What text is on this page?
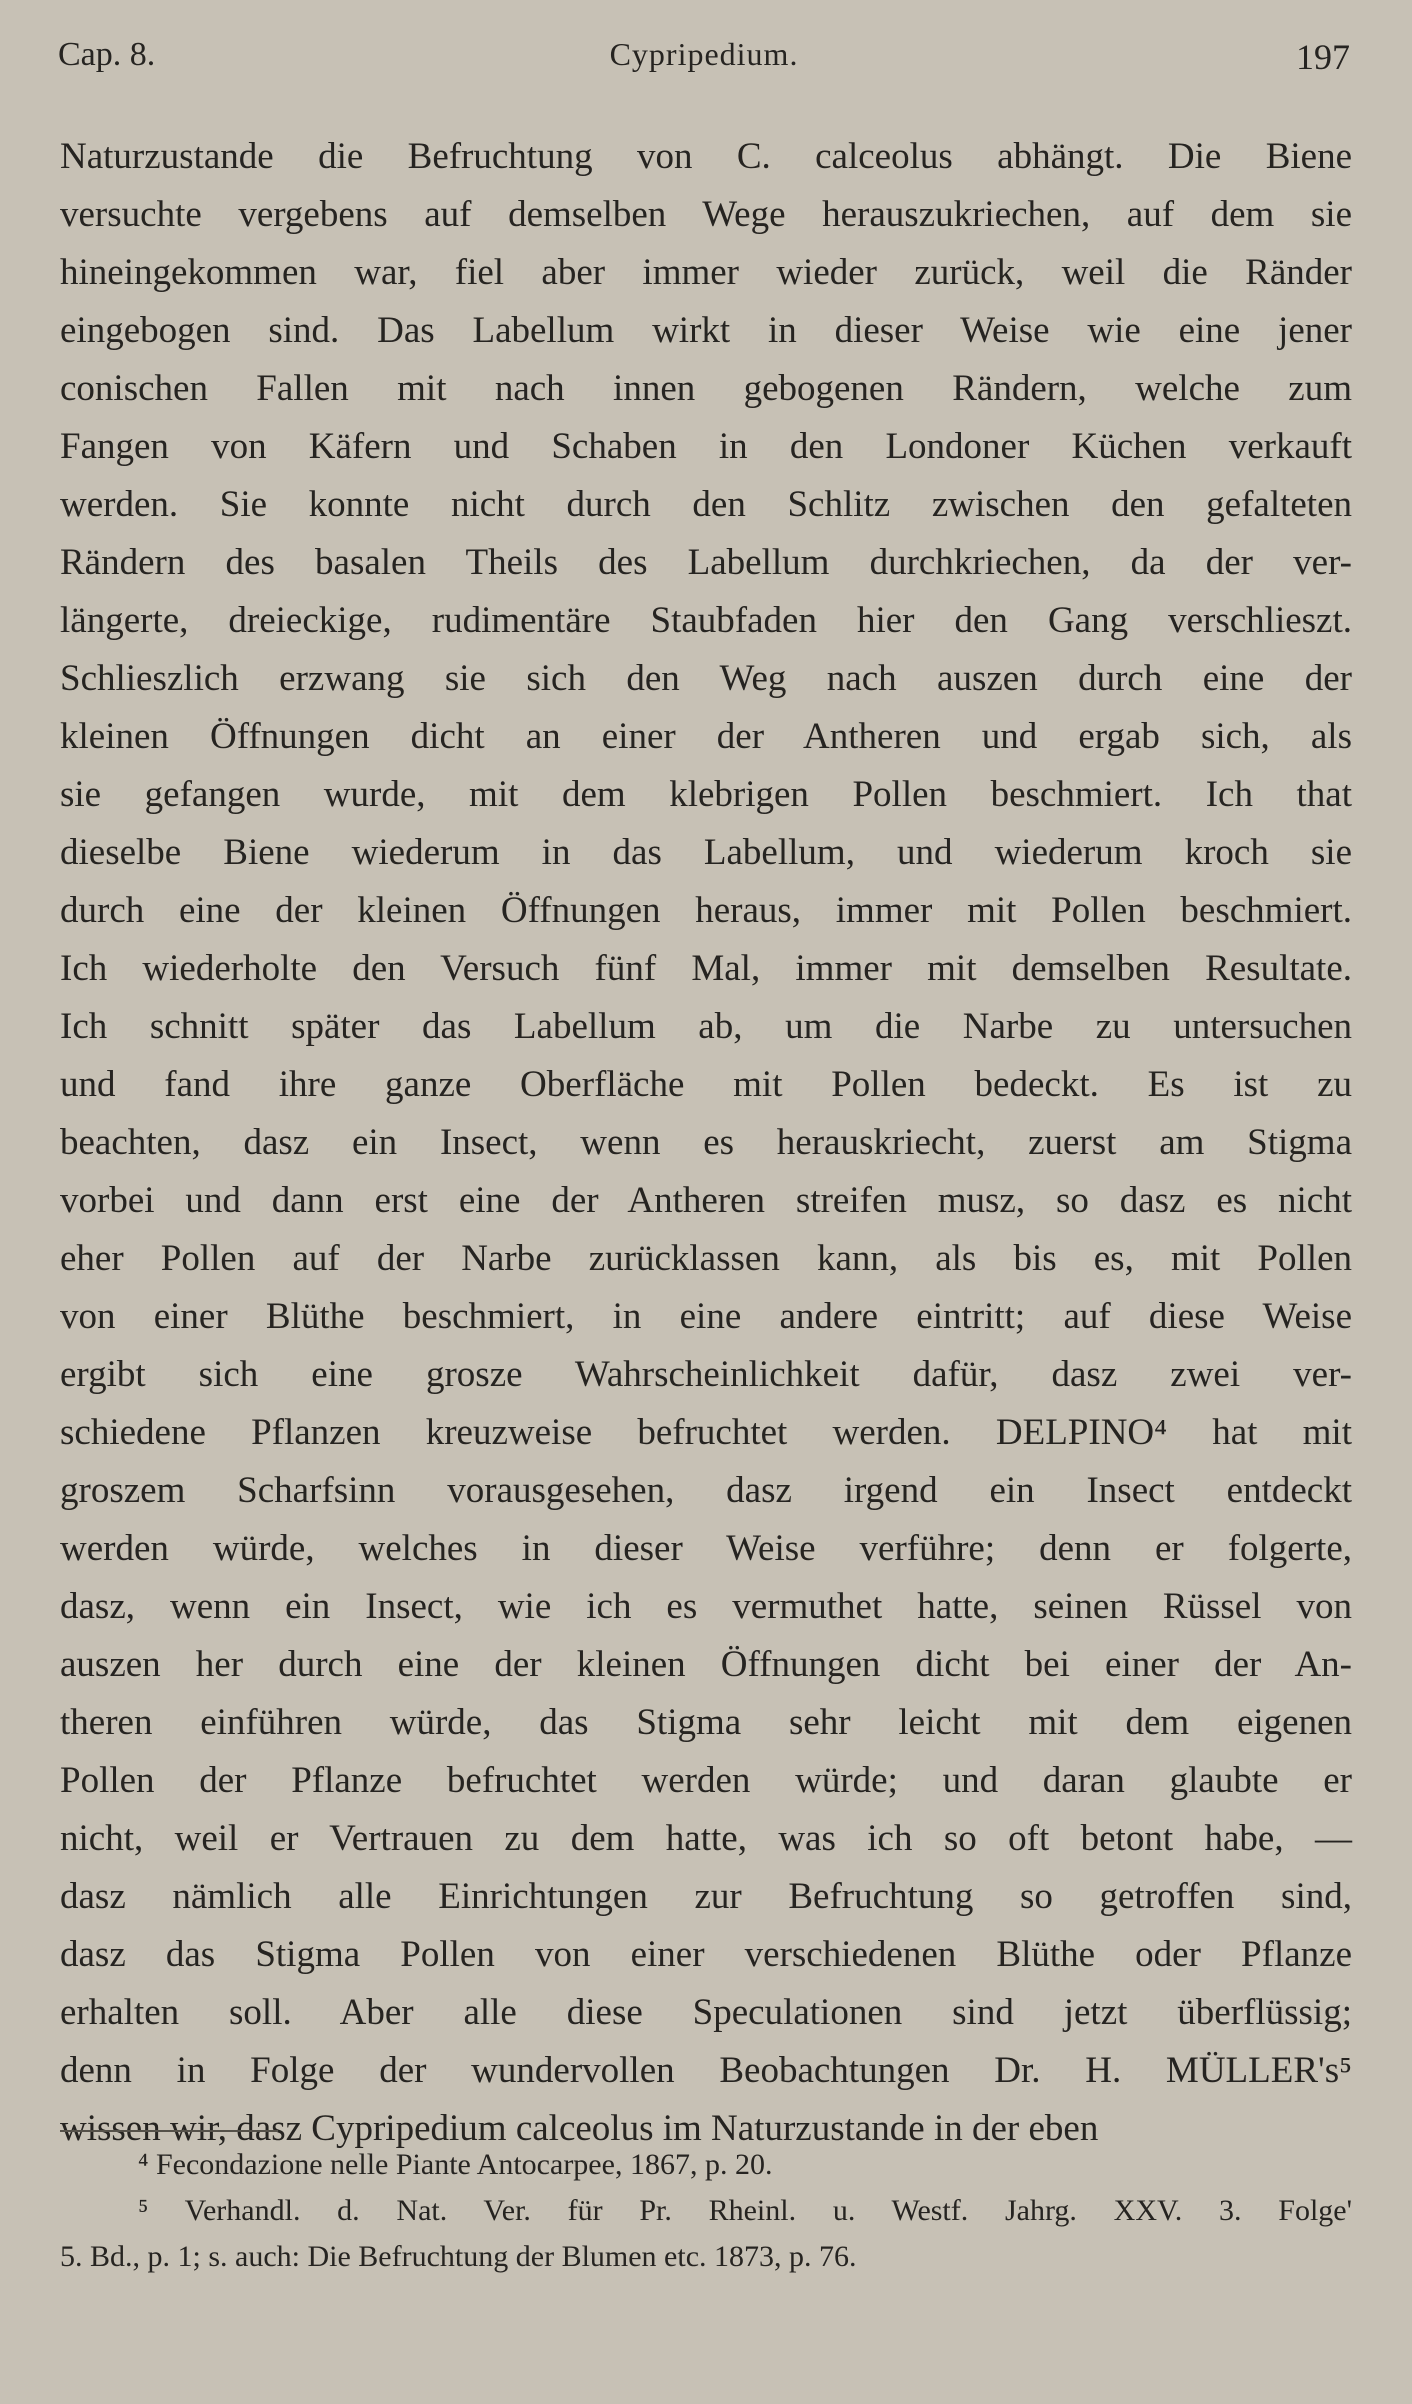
Cap. 8.	Cypripedium.	197
Naturzustande die Befruchtung von C. calceolus abhängt. Die Biene
versuchte vergebens auf demselben Wege herauszukriechen, auf dem sie
hineingekommen war, fiel aber immer wieder zurück, weil die Ränder
eingebogen sind. Das Labellum wirkt in dieser Weise wie eine jener
conischen Fallen mit nach innen gebogenen Rändern, welche zum
Fangen von Käfern und Schaben in den Londoner Küchen verkauft
werden. Sie konnte nicht durch den Schlitz zwischen den gefalteten
Rändern des basalen Theils des Labellum durchkriechen, da der ver-
längerte, dreieckige, rudimentäre Staubfaden hier den Gang verschlieszt.
Schlieszlich erzwang sie sich den Weg nach auszen durch eine der
kleinen Öffnungen dicht an einer der Antheren und ergab sich, als
sie gefangen wurde, mit dem klebrigen Pollen beschmiert. Ich that
dieselbe Biene wiederum in das Labellum, und wiederum kroch sie
durch eine der kleinen Öffnungen heraus, immer mit Pollen beschmiert.
Ich wiederholte den Versuch fünf Mal, immer mit demselben Resultate.
Ich schnitt später das Labellum ab, um die Narbe zu untersuchen
und fand ihre ganze Oberfläche mit Pollen bedeckt. Es ist zu
beachten, dasz ein Insect, wenn es herauskriecht, zuerst am Stigma
vorbei und dann erst eine der Antheren streifen musz, so dasz es nicht
eher Pollen auf der Narbe zurücklassen kann, als bis es, mit Pollen
von einer Blüthe beschmiert, in eine andere eintritt; auf diese Weise
ergibt sich eine grosze Wahrscheinlichkeit dafür, dasz zwei ver-
schiedene Pflanzen kreuzweise befruchtet werden. DELPINO⁴ hat mit
groszem Scharfsinn vorausgesehen, dasz irgend ein Insect entdeckt
werden würde, welches in dieser Weise verführe; denn er folgerte,
dasz, wenn ein Insect, wie ich es vermuthet hatte, seinen Rüssel von
auszen her durch eine der kleinen Öffnungen dicht bei einer der An-
theren einführen würde, das Stigma sehr leicht mit dem eigenen
Pollen der Pflanze befruchtet werden würde; und daran glaubte er
nicht, weil er Vertrauen zu dem hatte, was ich so oft betont habe, —
dasz nämlich alle Einrichtungen zur Befruchtung so getroffen sind,
dasz das Stigma Pollen von einer verschiedenen Blüthe oder Pflanze
erhalten soll. Aber alle diese Speculationen sind jetzt überflüssig;
denn in Folge der wundervollen Beobachtungen Dr. H. MÜLLER's⁵
wissen wir, dasz Cypripedium calceolus im Naturzustande in der eben
⁴ Fecondazione nelle Piante Antocarpee, 1867, p. 20.
⁵ Verhandl. d. Nat. Ver. für Pr. Rheinl. u. Westf. Jahrg. XXV. 3. Folge'
5. Bd., p. 1; s. auch: Die Befruchtung der Blumen etc. 1873, p. 76.
